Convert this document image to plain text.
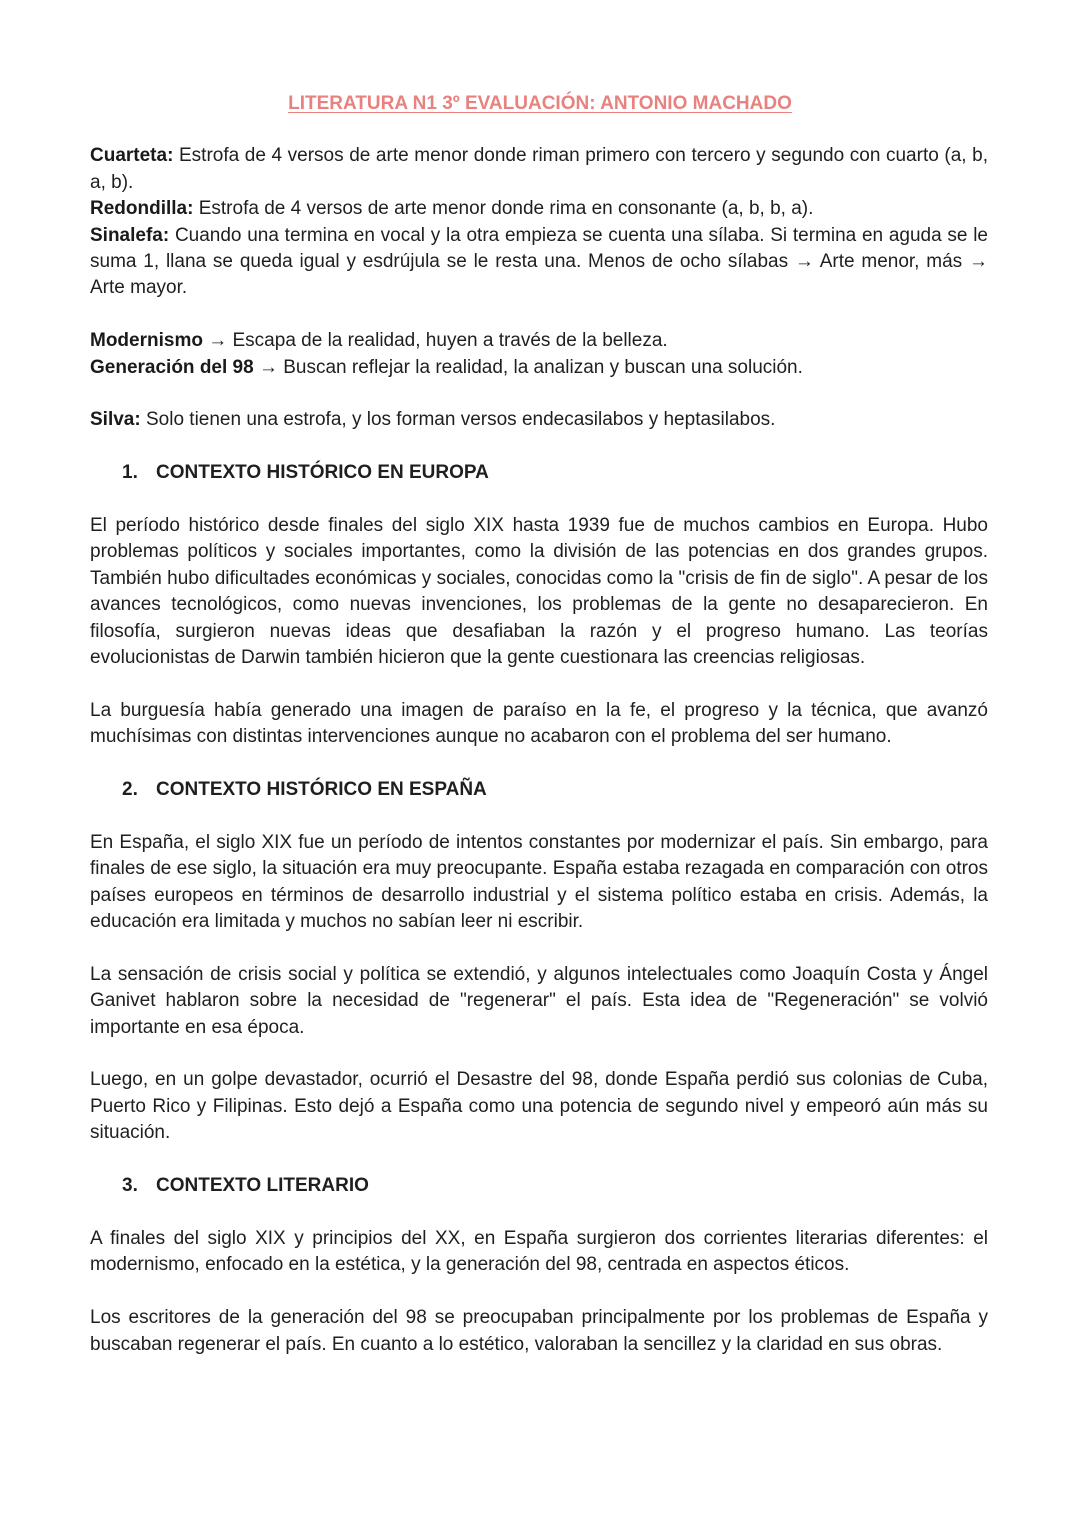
LITERATURA N1 3º EVALUACIÓN: ANTONIO MACHADO

Cuarteta: Estrofa de 4 versos de arte menor donde riman primero con tercero y segundo con cuarto (a, b, a, b).

Redondilla: Estrofa de 4 versos de arte menor donde rima en consonante (a, b, b, a).

Sinalefa: Cuando una termina en vocal y la otra empieza se cuenta una sílaba. Si termina en aguda se le suma 1, llana se queda igual y esdrújula se le resta una. Menos de ocho sílabas → Arte menor, más → Arte mayor.

Modernismo → Escapa de la realidad, huyen a través de la belleza.

Generación del 98 → Buscan reflejar la realidad, la analizan y buscan una solución.

Silva: Solo tienen una estrofa, y los forman versos endecasilabos y heptasilabos.

1. CONTEXTO HISTÓRICO EN EUROPA

El período histórico desde finales del siglo XIX hasta 1939 fue de muchos cambios en Europa. Hubo problemas políticos y sociales importantes, como la división de las potencias en dos grandes grupos. También hubo dificultades económicas y sociales, conocidas como la "crisis de fin de siglo". A pesar de los avances tecnológicos, como nuevas invenciones, los problemas de la gente no desaparecieron. En filosofía, surgieron nuevas ideas que desafiaban la razón y el progreso humano. Las teorías evolucionistas de Darwin también hicieron que la gente cuestionara las creencias religiosas.

La burguesía había generado una imagen de paraíso en la fe, el progreso y la técnica, que avanzó muchísimas con distintas intervenciones aunque no acabaron con el problema del ser humano.

2. CONTEXTO HISTÓRICO EN ESPAÑA

En España, el siglo XIX fue un período de intentos constantes por modernizar el país. Sin embargo, para finales de ese siglo, la situación era muy preocupante. España estaba rezagada en comparación con otros países europeos en términos de desarrollo industrial y el sistema político estaba en crisis. Además, la educación era limitada y muchos no sabían leer ni escribir.

La sensación de crisis social y política se extendió, y algunos intelectuales como Joaquín Costa y Ángel Ganivet hablaron sobre la necesidad de "regenerar" el país. Esta idea de "Regeneración" se volvió importante en esa época.

Luego, en un golpe devastador, ocurrió el Desastre del 98, donde España perdió sus colonias de Cuba, Puerto Rico y Filipinas. Esto dejó a España como una potencia de segundo nivel y empeoró aún más su situación.

3. CONTEXTO LITERARIO

A finales del siglo XIX y principios del XX, en España surgieron dos corrientes literarias diferentes: el modernismo, enfocado en la estética, y la generación del 98, centrada en aspectos éticos.

Los escritores de la generación del 98 se preocupaban principalmente por los problemas de España y buscaban regenerar el país. En cuanto a lo estético, valoraban la sencillez y la claridad en sus obras.
